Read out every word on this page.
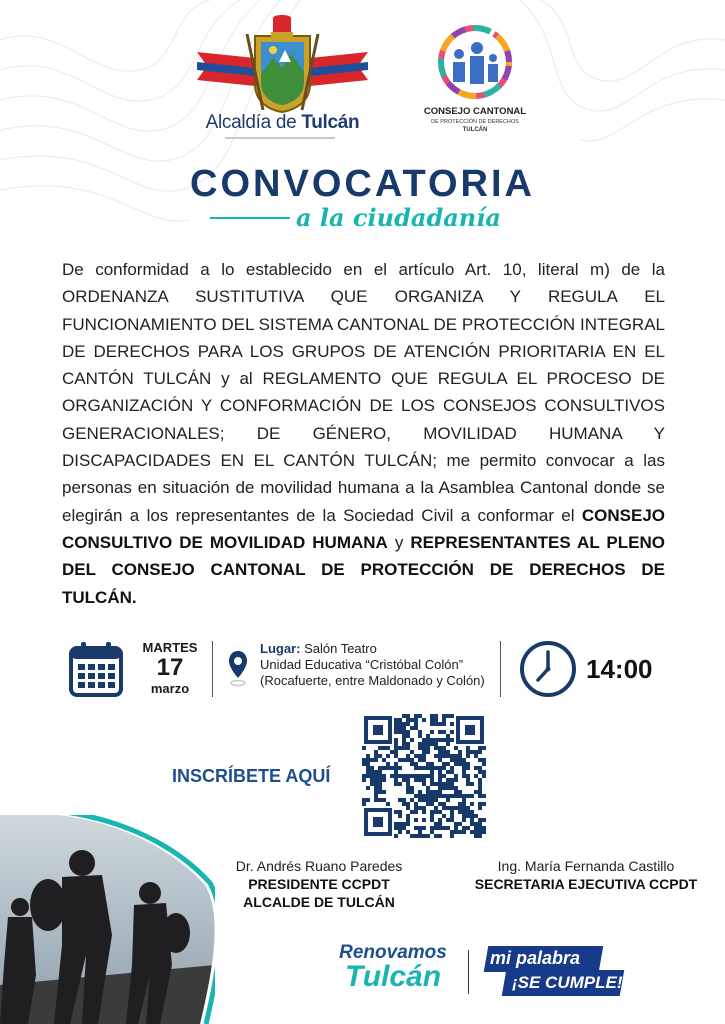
Alcaldía de Tulcán
CONSEJO CANTONAL
DE PROTECCIÓN DE DERECHOS
TULCÁN
CONVOCATORIA
a la ciudadanía

De conformidad a lo establecido en el artículo Art. 10, literal m) de la ORDENANZA SUSTITUTIVA QUE ORGANIZA Y REGULA EL FUNCIONAMIENTO DEL SISTEMA CANTONAL DE PROTECCIÓN INTEGRAL DE DERECHOS PARA LOS GRUPOS DE ATENCIÓN PRIORITARIA EN EL CANTÓN TULCÁN y al REGLAMENTO QUE REGULA EL PROCESO DE ORGANIZACIÓN Y CONFORMACIÓN DE LOS CONSEJOS CONSULTIVOS GENERACIONALES; DE GÉNERO, MOVILIDAD HUMANA Y DISCAPACIDADES EN EL CANTÓN TULCÁN; me permito convocar a las personas en situación de movilidad humana a la Asamblea Cantonal donde se elegirán a los representantes de la Sociedad Civil a conformar el CONSEJO CONSULTIVO DE MOVILIDAD HUMANA y REPRESENTANTES AL PLENO DEL CONSEJO CANTONAL DE PROTECCIÓN DE DERECHOS DE TULCÁN.

MARTES
17
marzo
Lugar: Salón Teatro
Unidad Educativa “Cristóbal Colón”
(Rocafuerte, entre Maldonado y Colón)	14:00
INSCRÍBETE AQUÍ
Dr. Andrés Ruano Paredes
PRESIDENTE CCPDT
ALCALDE DE TULCÁN
Ing. María Fernanda Castillo
SECRETARIA EJECUTIVA CCPDT
Renovamos
Tulcán
mi palabra
¡SE CUMPLE!
